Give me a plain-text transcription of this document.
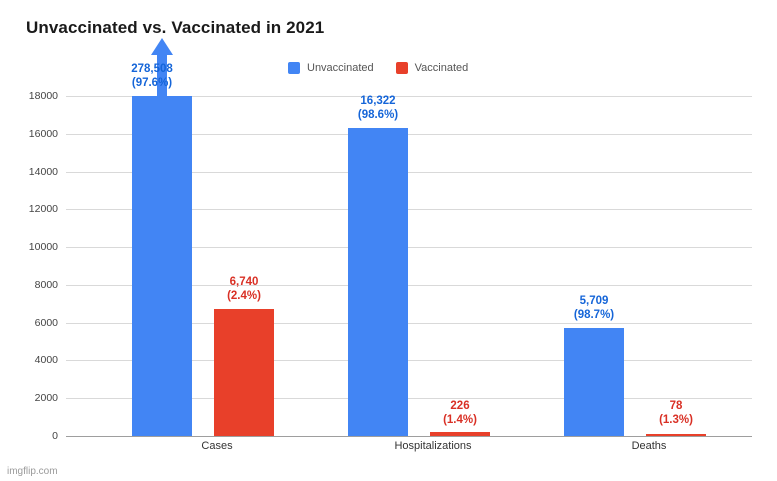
Unvaccinated vs. Vaccinated in 2021
Unvaccinated	Vaccinated
0
2000
4000
6000
8000
10000
12000
14000
16000
18000
278,508
(97.6%)
6,740
(2.4%)
16,322
(98.6%)
226
(1.4%)
5,709
(98.7%)
78
(1.3%)
Cases	Hospitalizations	Deaths
imgflip.com
